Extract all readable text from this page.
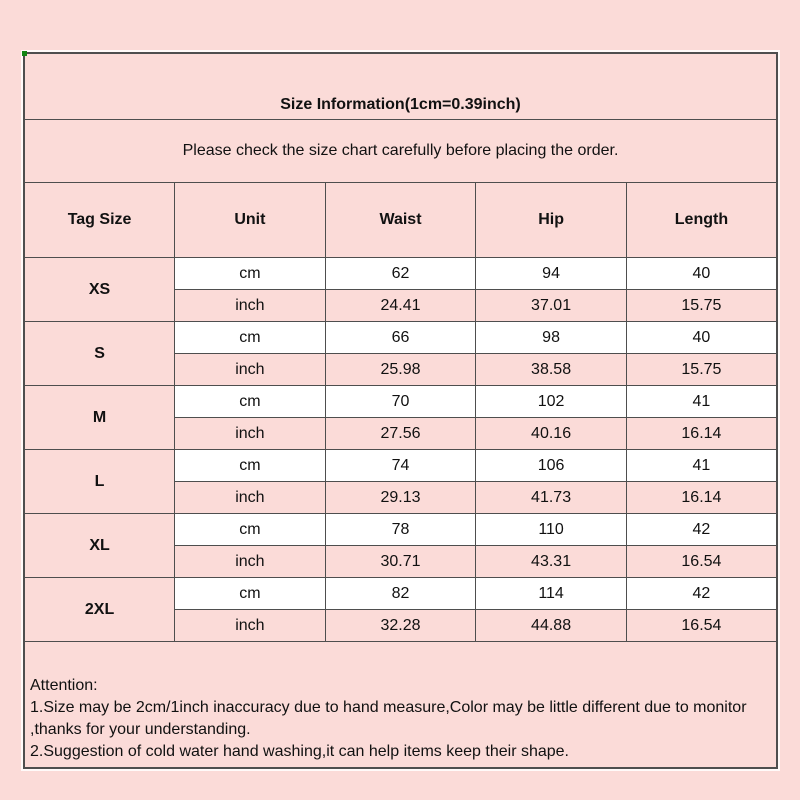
Size Information(1cm=0.39inch)				
Please check the size chart carefully before placing the order.				
Tag Size	Unit	Waist	Hip	Length
XS	cm	62	94	40
	inch	24.41	37.01	15.75
S	cm	66	98	40
	inch	25.98	38.58	15.75
M	cm	70	102	41
	inch	27.56	40.16	16.14
L	cm	74	106	41
	inch	29.13	41.73	16.14
XL	cm	78	110	42
	inch	30.71	43.31	16.54
2XL	cm	82	114	42
	inch	32.28	44.88	16.54

Attention:
1.Size may be 2cm/1inch inaccuracy due to hand measure,Color may be little different due to monitor
,thanks for your understanding.
2.Suggestion of cold water hand washing,it can help items keep their shape.				
